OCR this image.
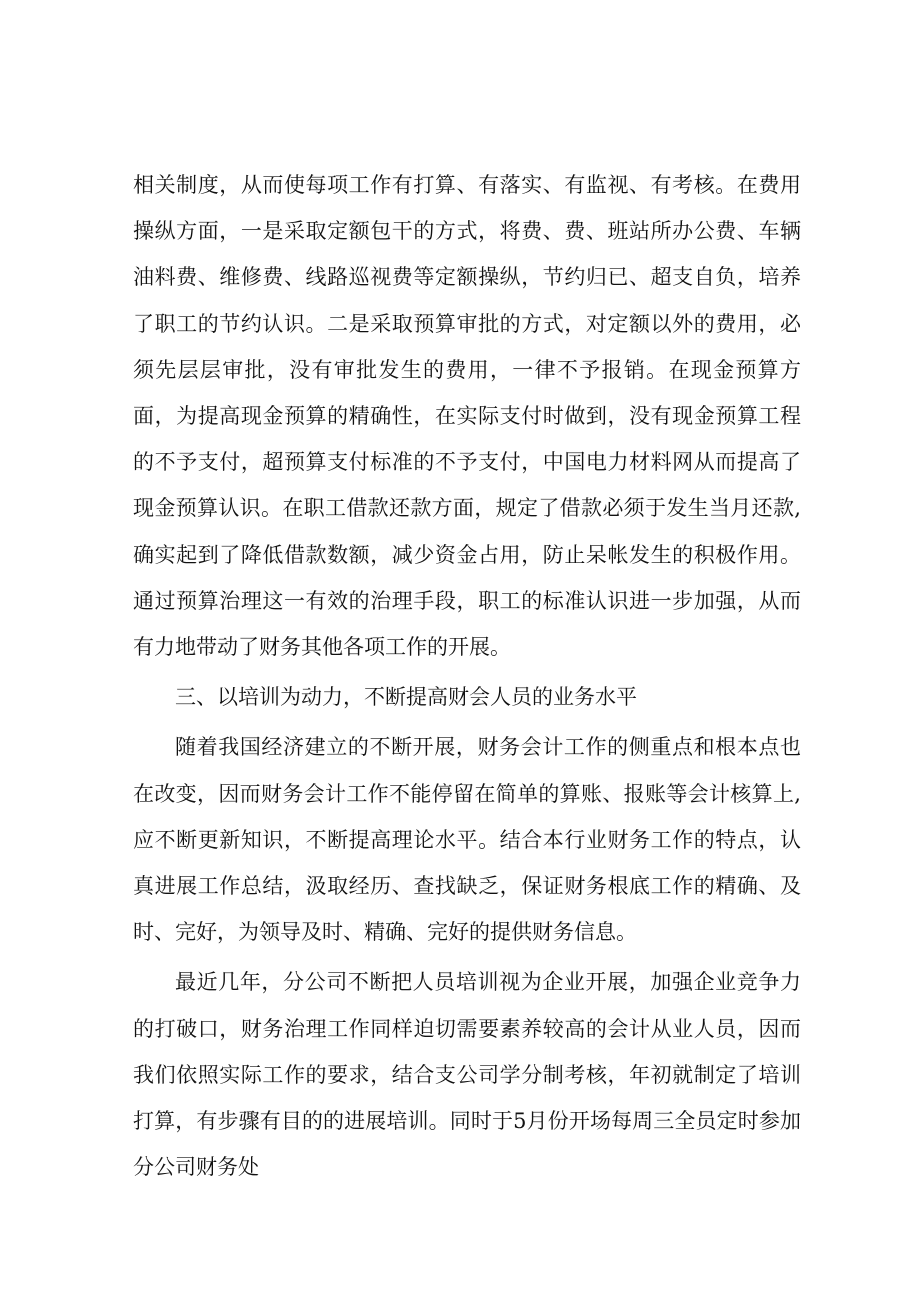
相关制度，从而使每项工作有打算、有落实、有监视、有考核。在费用操纵方面，一是采取定额包干的方式，将费、费、班站所办公费、车辆油料费、维修费、线路巡视费等定额操纵，节约归已、超支自负，培养了职工的节约认识。二是采取预算审批的方式，对定额以外的费用，必须先层层审批，没有审批发生的费用，一律不予报销。在现金预算方面，为提高现金预算的精确性，在实际支付时做到，没有现金预算工程的不予支付，超预算支付标准的不予支付，中国电力材料网从而提高了现金预算认识。在职工借款还款方面，规定了借款必须于发生当月还款,确实起到了降低借款数额，减少资金占用，防止呆帐发生的积极作用。通过预算治理这一有效的治理手段，职工的标准认识进一步加强，从而有力地带动了财务其他各项工作的开展。

三、以培训为动力，不断提高财会人员的业务水平

随着我国经济建立的不断开展，财务会计工作的侧重点和根本点也在改变，因而财务会计工作不能停留在简单的算账、报账等会计核算上,应不断更新知识，不断提高理论水平。结合本行业财务工作的特点，认真进展工作总结，汲取经历、查找缺乏，保证财务根底工作的精确、及时、完好，为领导及时、精确、完好的提供财务信息。

最近几年，分公司不断把人员培训视为企业开展，加强企业竞争力的打破口，财务治理工作同样迫切需要素养较高的会计从业人员，因而我们依照实际工作的要求，结合支公司学分制考核，年初就制定了培训打算，有步骤有目的的进展培训。同时于5月份开场每周三全员定时参加分公司财务处
